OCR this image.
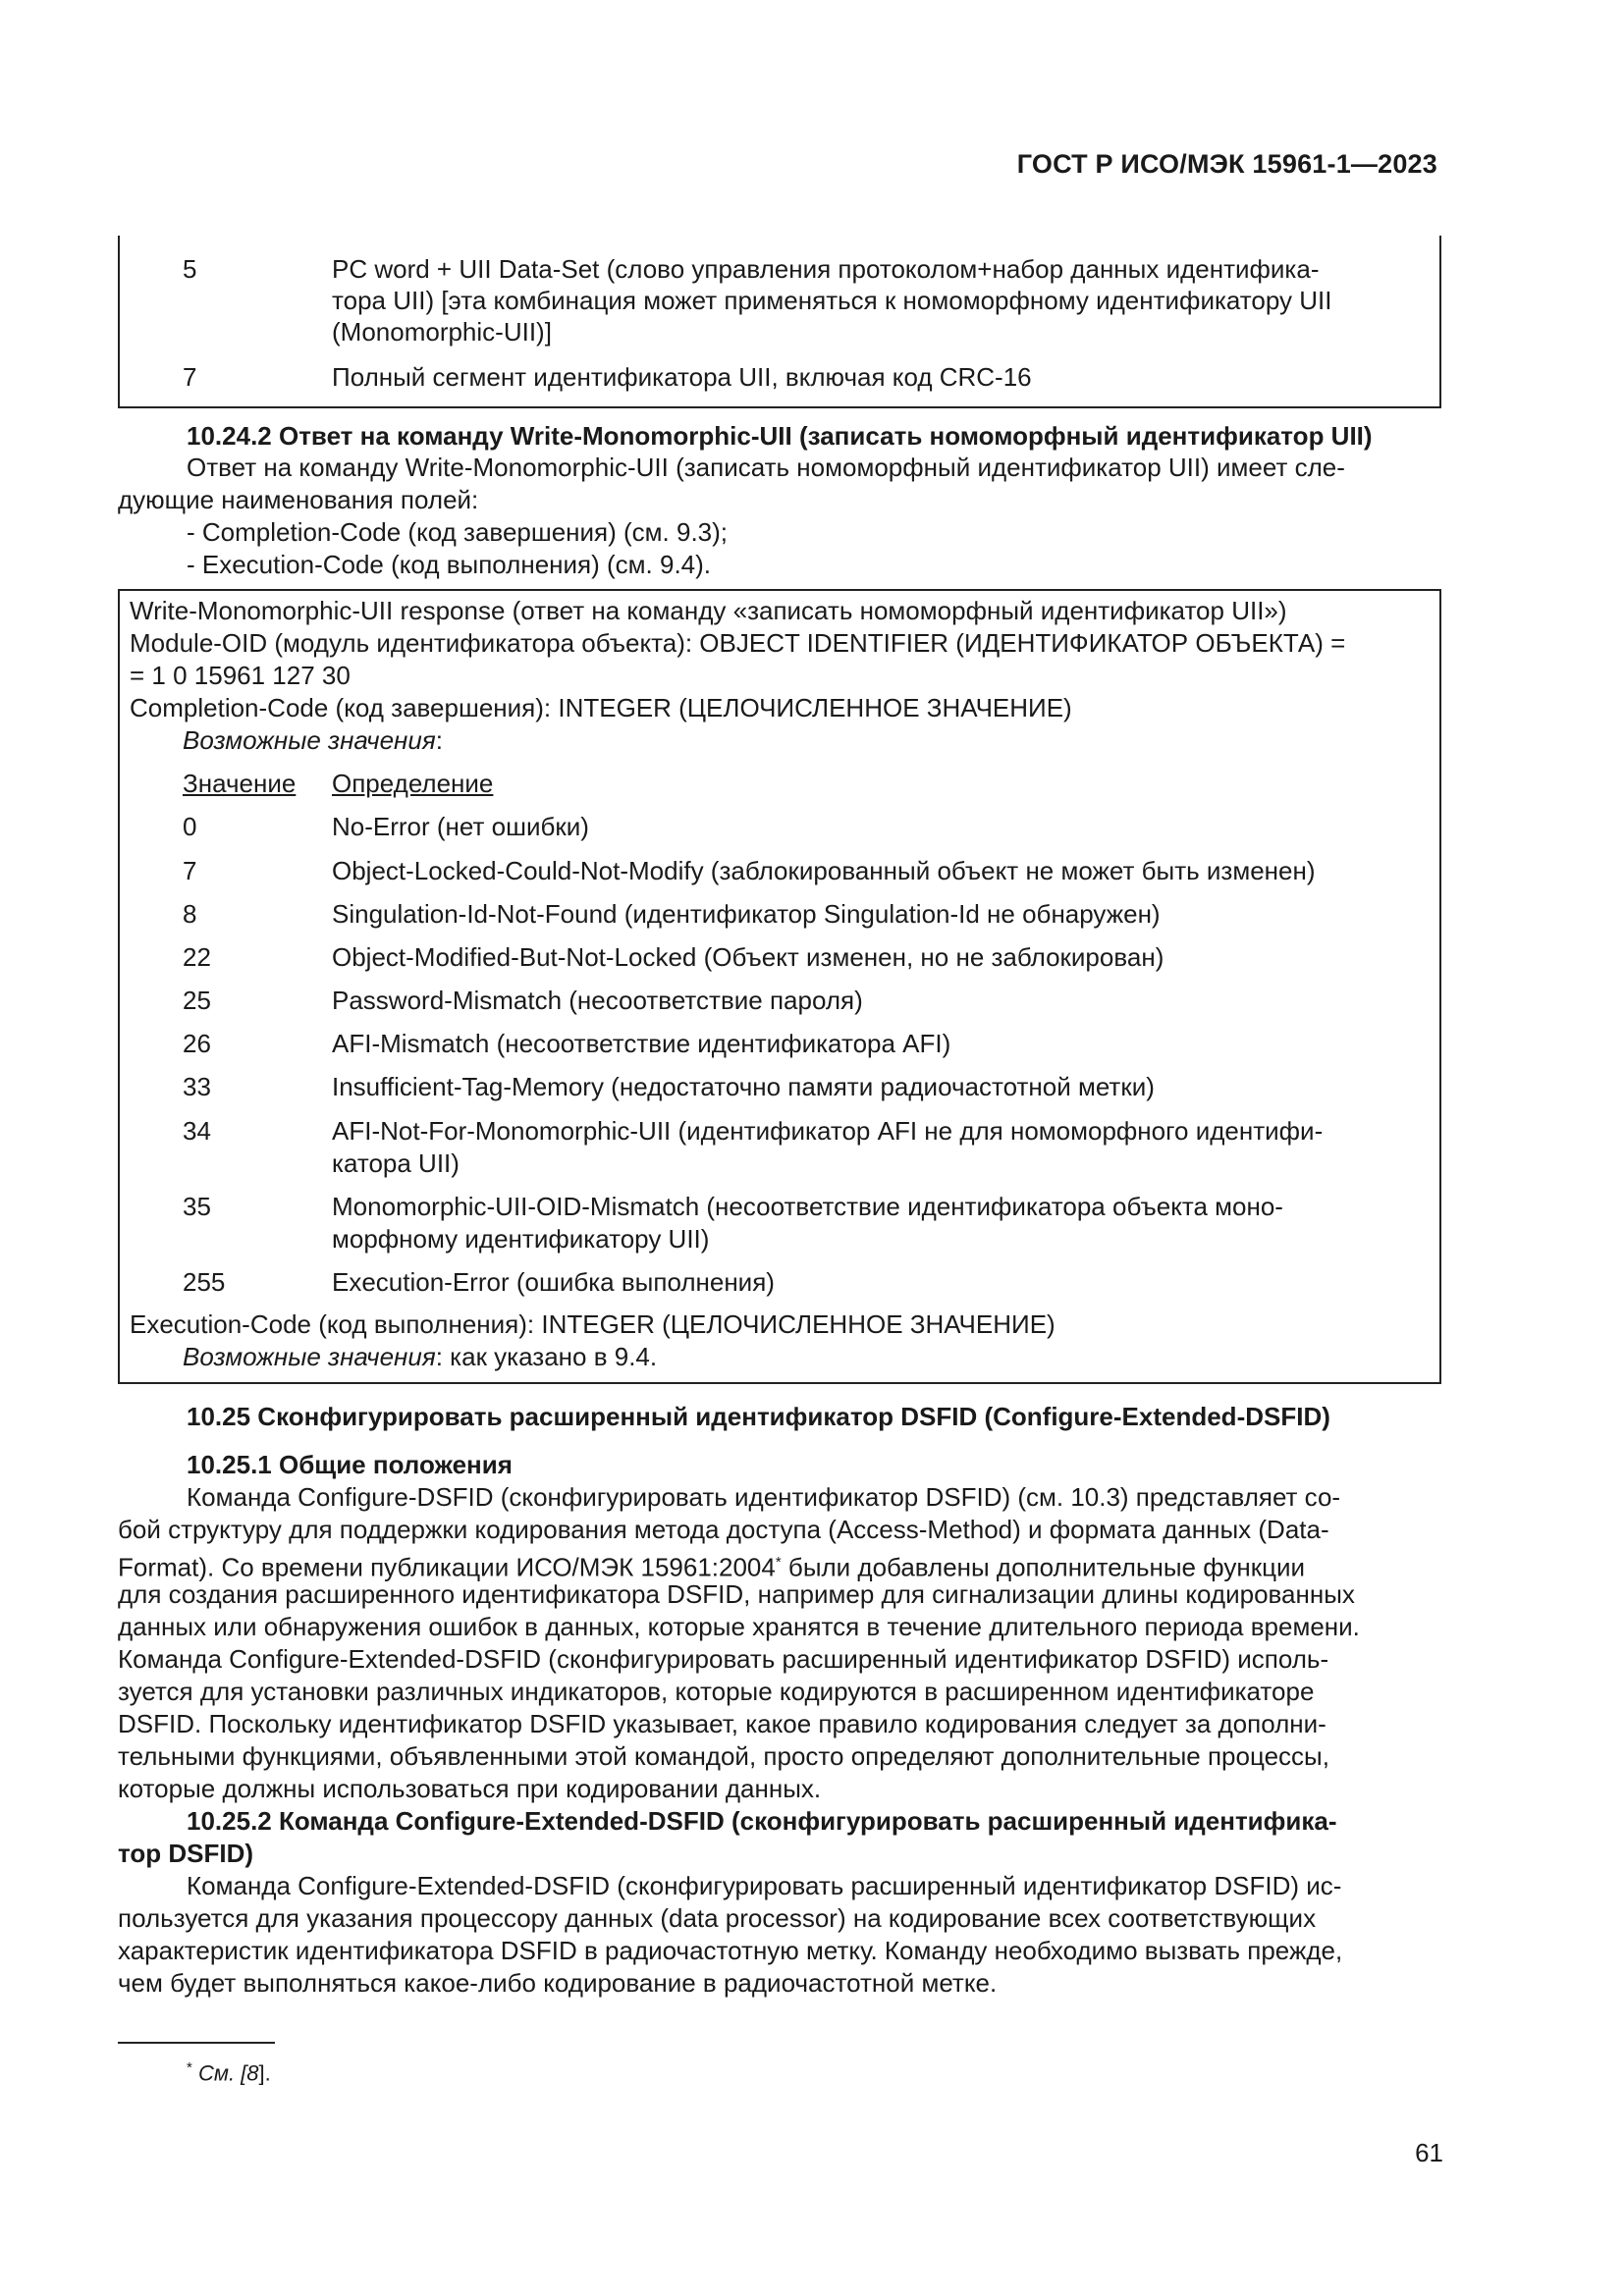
ГОСТ Р ИСО/МЭК 15961-1—2023
5	PC word + UII Data-Set (слово управления протоколом+набор данных идентифика-
тора UII) [эта комбинация может применяться к номоморфному идентификатору UII
(Monomorphic-UII)]
7	Полный сегмент идентификатора UII, включая код CRC-16
10.24.2 Ответ на команду Write-Monomorphic-UII (записать номоморфный идентификатор UII)
Ответ на команду Write-Monomorphic-UII (записать номоморфный идентификатор UII) имеет сле-
дующие наименования полей:
- Completion-Code (код завершения) (см. 9.3);
- Execution-Code (код выполнения) (см. 9.4).
Write-Monomorphic-UII response (ответ на команду «записать номоморфный идентификатор UII»)
Module-OID (модуль идентификатора объекта): OBJECT IDENTIFIER (ИДЕНТИФИКАТОР ОБЪЕКТА) =
= 1 0 15961 127 30
Completion-Code (код завершения): INTEGER (ЦЕЛОЧИСЛЕННОЕ ЗНАЧЕНИЕ)
Возможные значения:
Значение Определение
0	No-Error (нет ошибки)
7	Object-Locked-Could-Not-Modify (заблокированный объект не может быть изменен)
8	Singulation-Id-Not-Found (идентификатор Singulation-Id не обнаружен)
22	Object-Modified-But-Not-Locked (Объект изменен, но не заблокирован)
25	Password-Mismatch (несоответствие пароля)
26	AFI-Mismatch (несоответствие идентификатора AFI)
33	Insufficient-Tag-Memory (недостаточно памяти радиочастотной метки)
34	AFI-Not-For-Monomorphic-UII (идентификатор AFI не для номоморфного идентифи-
катора UII)
35	Monomorphic-UII-OID-Mismatch (несоответствие идентификатора объекта моно-
морфному идентификатору UII)
255	Execution-Error (ошибка выполнения)
Execution-Code (код выполнения): INTEGER (ЦЕЛОЧИСЛЕННОЕ ЗНАЧЕНИЕ)
Возможные значения: как указано в 9.4.
10.25 Сконфигурировать расширенный идентификатор DSFID (Configure-Extended-DSFID)
10.25.1 Общие положения
Команда Configure-DSFID (сконфигурировать идентификатор DSFID) (см. 10.3) представляет со-
бой структуру для поддержки кодирования метода доступа (Access-Method) и формата данных (Data-
Format). Со времени публикации ИСО/МЭК 15961:2004* были добавлены дополнительные функции
для создания расширенного идентификатора DSFID, например для сигнализации длины кодированных
данных или обнаружения ошибок в данных, которые хранятся в течение длительного периода времени.
Команда Configure-Extended-DSFID (сконфигурировать расширенный идентификатор DSFID) исполь-
зуется для установки различных индикаторов, которые кодируются в расширенном идентификаторе
DSFID. Поскольку идентификатор DSFID указывает, какое правило кодирования следует за дополни-
тельными функциями, объявленными этой командой, просто определяют дополнительные процессы,
которые должны использоваться при кодировании данных.
10.25.2 Команда Configure-Extended-DSFID (сконфигурировать расширенный идентифика-
тор DSFID)
Команда Configure-Extended-DSFID (сконфигурировать расширенный идентификатор DSFID) ис-
пользуется для указания процессору данных (data processor) на кодирование всех соответствующих
характеристик идентификатора DSFID в радиочастотную метку. Команду необходимо вызвать прежде,
чем будет выполняться какое-либо кодирование в радиочастотной метке.
* См. [8].
61
